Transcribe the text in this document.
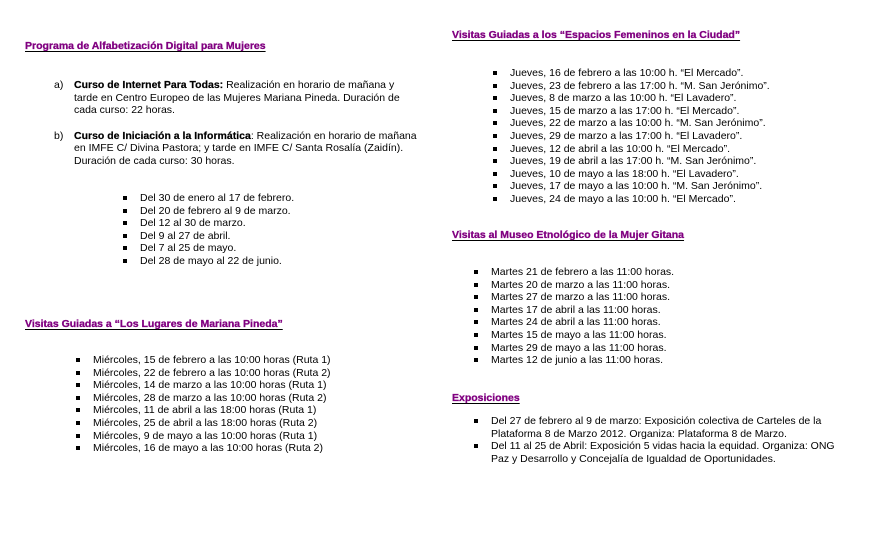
Programa de Alfabetización Digital para Mujeres
a) Curso de Internet Para Todas: Realización en horario de mañana y tarde en Centro Europeo de las Mujeres Mariana Pineda. Duración de cada curso: 22 horas.
b) Curso de Iniciación a la Informática: Realización en horario de mañana en IMFE C/ Divina Pastora; y tarde en IMFE C/ Santa Rosalía (Zaidín). Duración de cada curso: 30 horas.
Del 30 de enero al 17 de febrero.
Del 20 de febrero al 9 de marzo.
Del 12 al 30 de marzo.
Del 9 al 27 de abril.
Del 7 al 25 de mayo.
Del 28 de mayo al 22 de junio.
Visitas Guiadas a “Los Lugares de Mariana Pineda”
Miércoles, 15 de febrero a las 10:00 horas (Ruta 1)
Miércoles, 22 de febrero a las 10:00 horas (Ruta 2)
Miércoles, 14 de marzo a las 10:00 horas (Ruta 1)
Miércoles, 28 de marzo a las 10:00 horas (Ruta 2)
Miércoles, 11 de abril a las 18:00 horas (Ruta 1)
Miércoles, 25 de abril a las 18:00 horas (Ruta 2)
Miércoles, 9 de mayo a las 10:00 horas (Ruta 1)
Miércoles, 16 de mayo a las 10:00 horas (Ruta 2)
Visitas Guiadas a los “Espacios Femeninos en la Ciudad”
Jueves, 16 de febrero a las 10:00 h. “El Mercado”.
Jueves, 23 de febrero a las 17:00 h. “M. San Jerónimo”.
Jueves, 8 de marzo a las 10:00 h. “El Lavadero”.
Jueves, 15 de marzo a las 17:00 h. “El Mercado”.
Jueves, 22 de marzo a las 10:00 h. “M. San Jerónimo”.
Jueves, 29 de marzo a las 17:00 h. “El Lavadero”.
Jueves, 12 de abril a las 10:00 h. “El Mercado”.
Jueves, 19 de abril a las 17:00 h. “M. San Jerónimo”.
Jueves, 10 de mayo a las 18:00 h. “El Lavadero”.
Jueves, 17 de mayo a las 10:00 h. “M. San Jerónimo”.
Jueves, 24 de mayo a las 10:00 h. “El Mercado”.
Visitas al Museo Etnológico de la Mujer Gitana
Martes 21 de febrero a las 11:00 horas.
Martes 20 de marzo a las 11:00 horas.
Martes 27 de marzo a las 11:00 horas.
Martes 17 de abril a las 11:00 horas.
Martes 24 de abril a las 11:00 horas.
Martes 15 de mayo a las 11:00 horas.
Martes 29 de mayo a las 11:00 horas.
Martes 12 de junio a las 11:00 horas.
Exposiciones
Del 27 de febrero al 9 de marzo: Exposición colectiva de Carteles de la Plataforma 8 de Marzo 2012. Organiza: Plataforma 8 de Marzo.
Del 11 al 25 de Abril: Exposición 5 vidas hacia la equidad. Organiza: ONG Paz y Desarrollo y Concejalía de Igualdad de Oportunidades.
